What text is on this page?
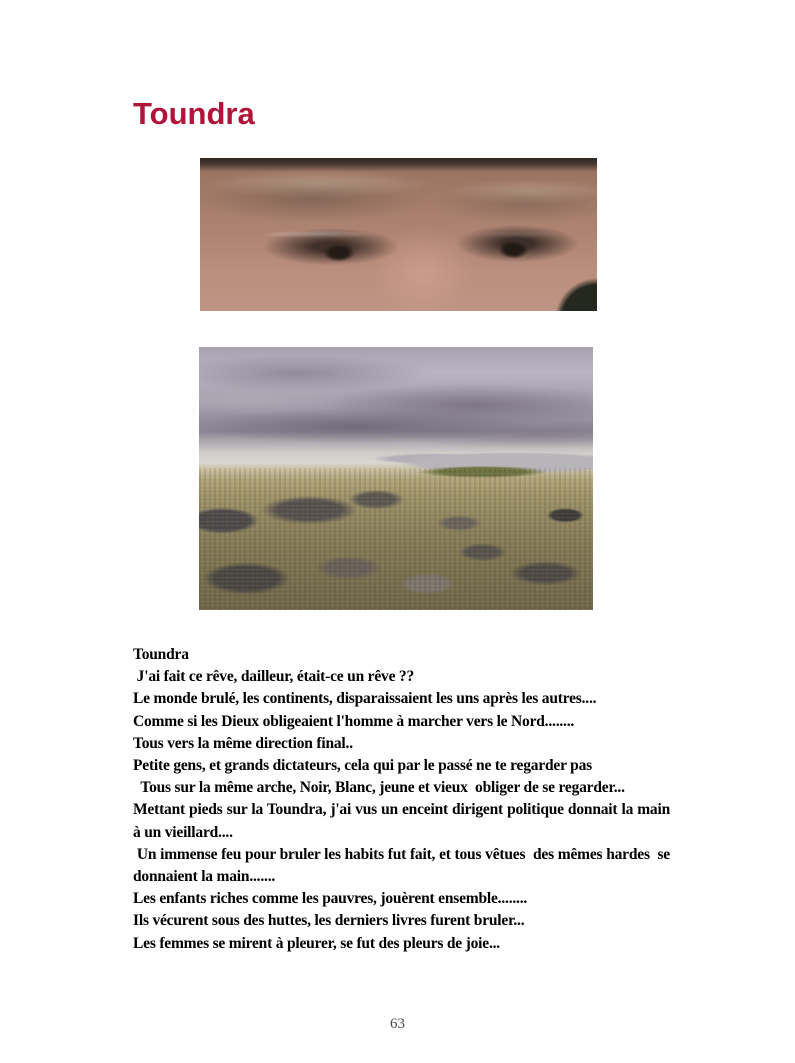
Toundra

Toundra

J'ai fait ce rêve, dailleur, était-ce un rêve ??

Le monde brulé, les continents, disparaissaient les uns après les autres....

Comme si les Dieux obligeaient l'homme à marcher vers le Nord........

Tous vers la même direction final..

Petite gens, et grands dictateurs, cela qui par le passé ne te regarder pas

Tous sur la même arche, Noir, Blanc, jeune et vieux  obliger de se regarder...

Mettant pieds sur la Toundra, j'ai vus un enceint dirigent politique donnait la main à un vieillard....

Un immense feu pour bruler les habits fut fait, et tous vêtues  des mêmes hardes  se donnaient la main.......

Les enfants riches comme les pauvres, jouèrent ensemble........

Ils vécurent sous des huttes, les derniers livres furent bruler...

Les femmes se mirent à pleurer, se fut des pleurs de joie...

63
